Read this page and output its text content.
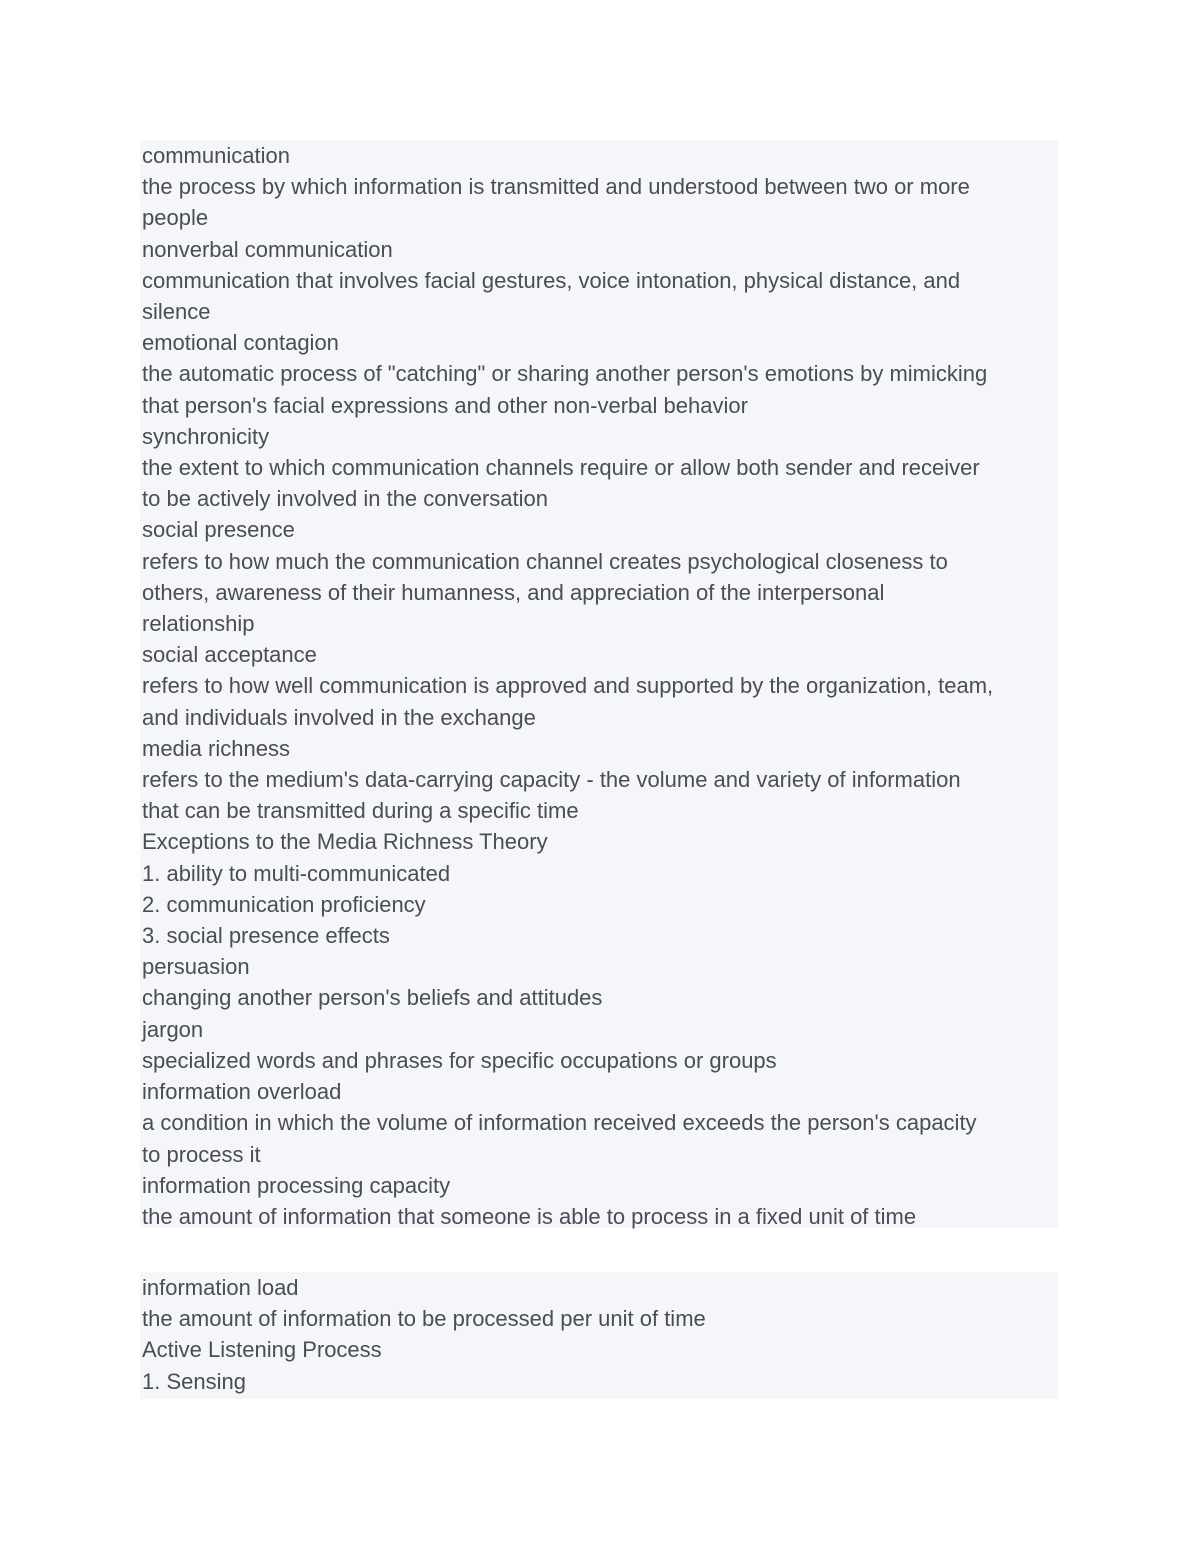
communication

the process by which information is transmitted and understood between two or more

people

nonverbal communication

communication that involves facial gestures, voice intonation, physical distance, and

silence

emotional contagion

the automatic process of "catching" or sharing another person's emotions by mimicking

that person's facial expressions and other non-verbal behavior

synchronicity

the extent to which communication channels require or allow both sender and receiver

to be actively involved in the conversation

social presence

refers to how much the communication channel creates psychological closeness to

others, awareness of their humanness, and appreciation of the interpersonal

relationship

social acceptance

refers to how well communication is approved and supported by the organization, team,

and individuals involved in the exchange

media richness

refers to the medium's data-carrying capacity - the volume and variety of information

that can be transmitted during a specific time

Exceptions to the Media Richness Theory

1. ability to multi-communicated

2. communication proficiency

3. social presence effects

persuasion

changing another person's beliefs and attitudes

jargon

specialized words and phrases for specific occupations or groups

information overload

a condition in which the volume of information received exceeds the person's capacity

to process it

information processing capacity

the amount of information that someone is able to process in a fixed unit of time

information load

the amount of information to be processed per unit of time

Active Listening Process

1. Sensing
